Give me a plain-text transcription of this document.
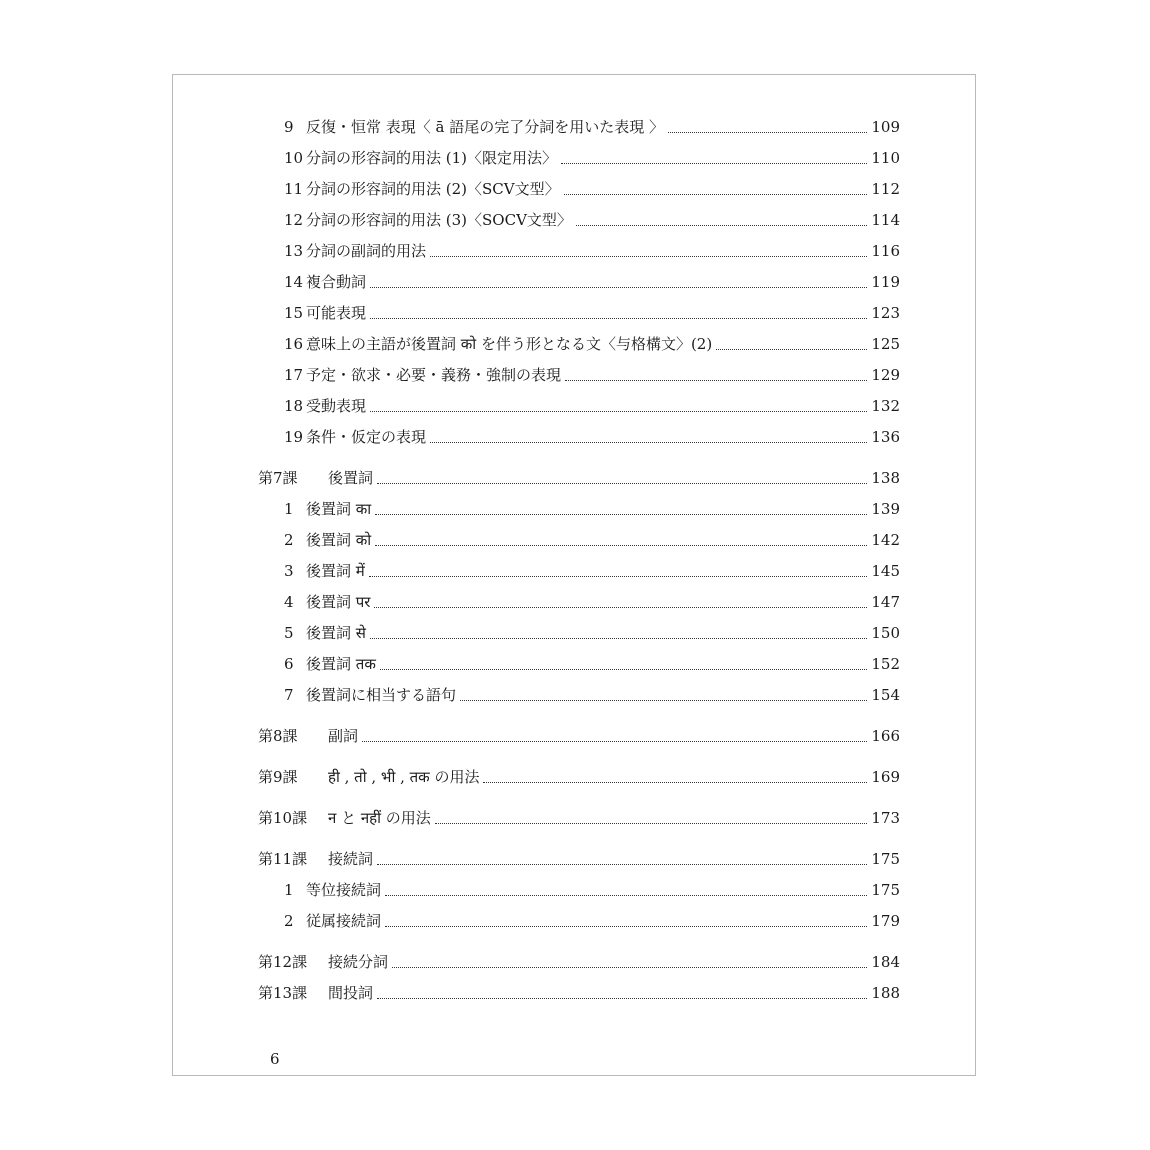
9 反復・恒常 表現〈 ā 語尾の完了分詞を用いた表現 〉	109
10 分詞の形容詞的用法 (1)〈限定用法〉	110
11 分詞の形容詞的用法 (2)〈SCV文型〉	112
12 分詞の形容詞的用法 (3)〈SOCV文型〉	114
13 分詞の副詞的用法	116
14 複合動詞	119
15 可能表現	123
16 意味上の主語が後置詞 को を伴う形となる文〈与格構文〉(2)	125
17 予定・欲求・必要・義務・強制の表現	129
18 受動表現	132
19 条件・仮定の表現	136
第7課	後置詞	138
1 後置詞 का	139
2 後置詞 को	142
3 後置詞 में	145
4 後置詞 पर	147
5 後置詞 से	150
6 後置詞 तक	152
7 後置詞に相当する語句	154
第8課	副詞	166
第9課	ही , तो , भी , तक の用法	169
第10課	न と नहीं の用法	173
第11課	接続詞	175
1 等位接続詞	175
2 従属接続詞	179
第12課	接続分詞	184
第13課	間投詞	188
6
